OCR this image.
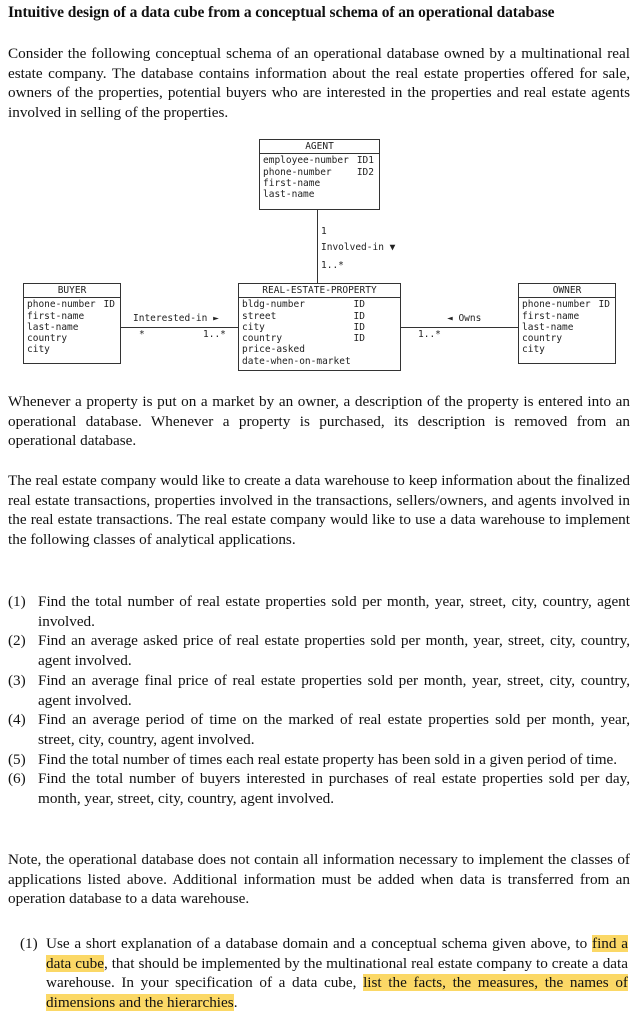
Intuitive design of a data cube from a conceptual schema of an operational database

Consider the following conceptual schema of an operational database owned by a multinational real estate company. The database contains information about the real estate properties offered for sale, owners of the properties, potential buyers who are interested in the properties and real estate agents involved in selling of the properties.

AGENT
employee-number ID1
phone-number	ID2
first-name
last-name
1
Involved-in ▼
1..*
BUYER
phone-number ID
first-name
last-name
country
city
Interested-in ►
*	1..*
REAL-ESTATE-PROPERTY
bldg-number	ID
street	ID
city	ID
country	ID
price-asked
date-when-on-market
◄ Owns
1..*
OWNER
phone-number ID
first-name
last-name
country
city

Whenever a property is put on a market by an owner, a description of the property is entered into an operational database. Whenever a property is purchased, its description is removed from an operational database.

The real estate company would like to create a data warehouse to keep information about the finalized real estate transactions, properties involved in the transactions, sellers/owners, and agents involved in the real estate transactions. The real estate company would like to use a data warehouse to implement the following classes of analytical applications.

(1) Find the total number of real estate properties sold per month, year, street, city, country, agent involved.
(2) Find an average asked price of real estate properties sold per month, year, street, city, country, agent involved.
(3) Find an average final price of real estate properties sold per month, year, street, city, country, agent involved.
(4) Find an average period of time on the marked of real estate properties sold per month, year, street, city, country, agent involved.
(5) Find the total number of times each real estate property has been sold in a given period of time.
(6) Find the total number of buyers interested in purchases of real estate properties sold per day, month, year, street, city, country, agent involved.

Note, the operational database does not contain all information necessary to implement the classes of applications listed above. Additional information must be added when data is transferred from an operation database to a data warehouse.

(1) Use a short explanation of a database domain and a conceptual schema given above, to find a data cube, that should be implemented by the multinational real estate company to create a data warehouse. In your specification of a data cube, list the facts, the measures, the names of dimensions and the hierarchies.
